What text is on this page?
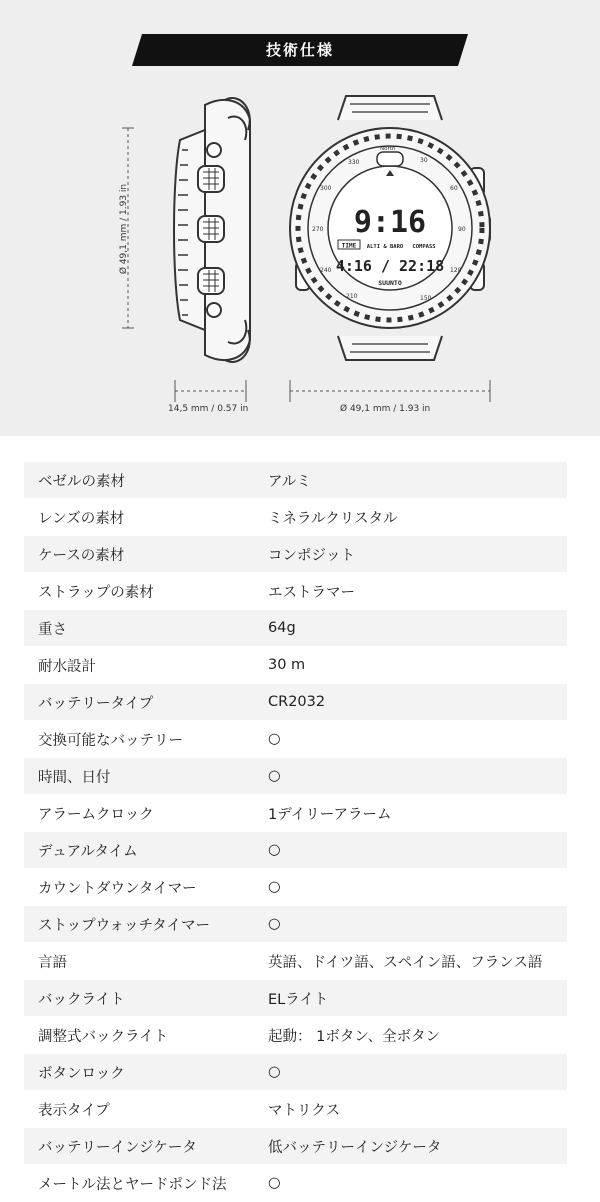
技術仕様
330	30
60
90
120
150
210
240
270
300
North
9:16
TIME ALTI & BARO COMPASS
4:16 / 22:18
SUUNTO
Ø 49,1 mm / 1.93 in
14,5 mm / 0.57 in	Ø 49,1 mm / 1.93 in
ベゼルの素材	アルミ
レンズの素材	ミネラルクリスタル
ケースの素材	コンポジット
ストラップの素材	エストラマー
重さ	64g
耐水設計	30 m
バッテリータイプ	CR2032
交換可能なバッテリー	○
時間、日付	○
アラームクロック	1デイリーアラーム
デュアルタイム	○
カウントダウンタイマー	○
ストップウォッチタイマー	○
言語	英語、ドイツ語、スペイン語、フランス語
バックライト	ELライト
調整式バックライト	起動： 1ボタン、全ボタン
ボタンロック	○
表示タイプ	マトリクス
バッテリーインジケータ	低バッテリーインジケータ
メートル法とヤードポンド法	○
